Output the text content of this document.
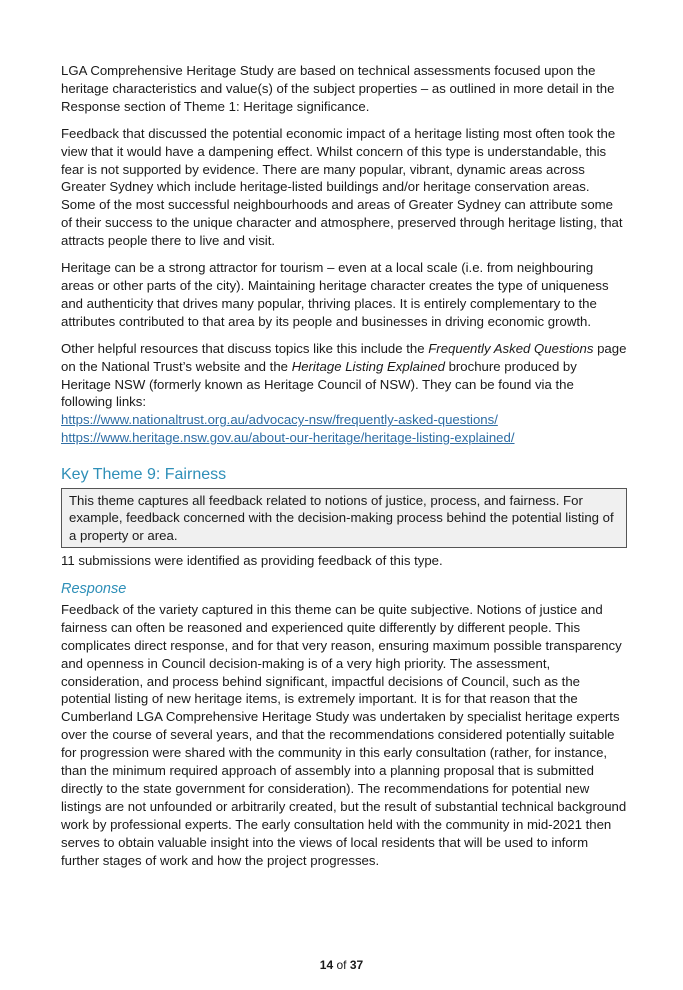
LGA Comprehensive Heritage Study are based on technical assessments focused upon the heritage characteristics and value(s) of the subject properties – as outlined in more detail in the Response section of Theme 1: Heritage significance.

Feedback that discussed the potential economic impact of a heritage listing most often took the view that it would have a dampening effect. Whilst concern of this type is understandable, this fear is not supported by evidence. There are many popular, vibrant, dynamic areas across Greater Sydney which include heritage-listed buildings and/or heritage conservation areas. Some of the most successful neighbourhoods and areas of Greater Sydney can attribute some of their success to the unique character and atmosphere, preserved through heritage listing, that attracts people there to live and visit.

Heritage can be a strong attractor for tourism – even at a local scale (i.e. from neighbouring areas or other parts of the city). Maintaining heritage character creates the type of uniqueness and authenticity that drives many popular, thriving places. It is entirely complementary to the attributes contributed to that area by its people and businesses in driving economic growth.

Other helpful resources that discuss topics like this include the Frequently Asked Questions page on the National Trust’s website and the Heritage Listing Explained brochure produced by Heritage NSW (formerly known as Heritage Council of NSW). They can be found via the following links:

https://www.nationaltrust.org.au/advocacy-nsw/frequently-asked-questions/
https://www.heritage.nsw.gov.au/about-our-heritage/heritage-listing-explained/
Key Theme 9: Fairness
This theme captures all feedback related to notions of justice, process, and fairness. For example, feedback concerned with the decision-making process behind the potential listing of a property or area.

11 submissions were identified as providing feedback of this type.

Response

Feedback of the variety captured in this theme can be quite subjective. Notions of justice and fairness can often be reasoned and experienced quite differently by different people. This complicates direct response, and for that very reason, ensuring maximum possible transparency and openness in Council decision-making is of a very high priority. The assessment, consideration, and process behind significant, impactful decisions of Council, such as the potential listing of new heritage items, is extremely important. It is for that reason that the Cumberland LGA Comprehensive Heritage Study was undertaken by specialist heritage experts over the course of several years, and that the recommendations considered potentially suitable for progression were shared with the community in this early consultation (rather, for instance, than the minimum required approach of assembly into a planning proposal that is submitted directly to the state government for consideration). The recommendations for potential new listings are not unfounded or arbitrarily created, but the result of substantial technical background work by professional experts. The early consultation held with the community in mid-2021 then serves to obtain valuable insight into the views of local residents that will be used to inform further stages of work and how the project progresses.

14 of 37
